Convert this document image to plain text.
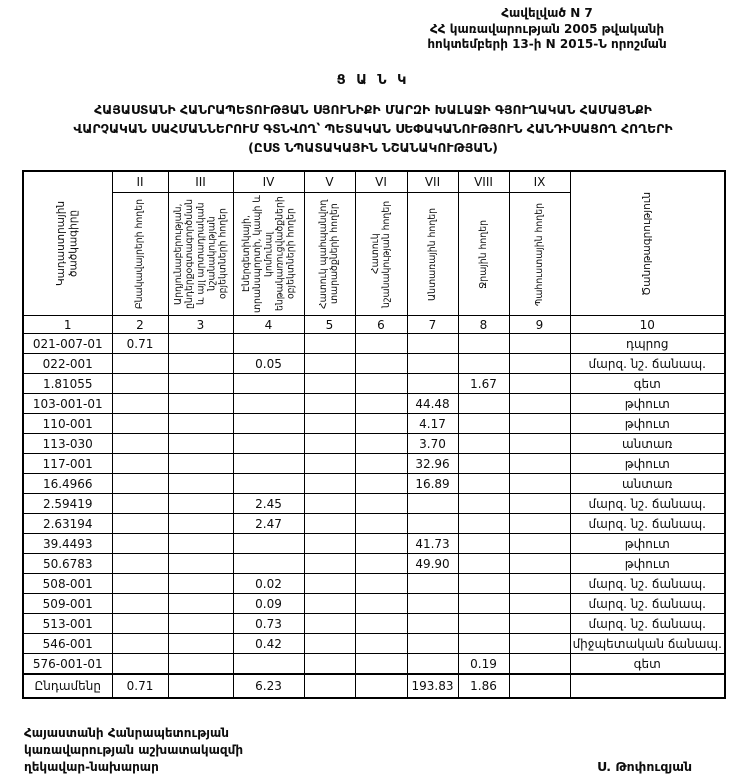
Հավելված N 7
ՀՀ կառավարության 2005 թվականի
հոկտեմբերի 13-ի N 2015-Ն որոշման
Ց Ա Ն Կ
ՀԱՅԱՍՏԱՆԻ ՀԱՆՐԱՊԵՏՈՒԹՅԱՆ ՍՅՈՒՆԻՔԻ ՄԱՐԶԻ ԽԱԼԱՋԻ ԳՅՈՒՂԱԿԱՆ ՀԱՄԱՅՆՔԻ
ՎԱՐՉԱԿԱՆ ՍԱՀՄԱՆՆԵՐՈՒՄ ԳՏՆՎՈՂ՝ ՊԵՏԱԿԱՆ ՍԵՓԱԿԱՆՈՒԹՅՈՒՆ ՀԱՆԴԻՍԱՑՈՂ ՀՈՂԵՐԻ
(ԸՍՏ ՆՊԱՏԱԿԱՅԻՆ ՆՇԱՆԱԿՈՒԹՅԱՆ)
Կադաստրային ծածկագիրը	II	III	IV	V	VI	VII	VIII	IX	Ծանոթագրություն

	Բնակավայրերի հողեր	Արդյունաբերության, ընդերքօգտագործման և այլ արտադրական նշանակության օբյեկտների հողեր	Էներգետիկայի, տրանսպորտի, կապի և կոմունալ ենթակառուցվածքների օբյեկտների հողեր	Հատուկ պահպանվող տարածքների հողեր	Հատուկ նշանակության հողեր	Անտառային հողեր	Ջրային հողեր	Պահուստային հողեր	

1	2	3	4	5	6	7	8	9	10
021-007-01	0.71								դպրոց
022-001			0.05						մարզ. նշ. ճանապ.
1.81055							1.67		գետ
103-001-01						44.48			թփուտ
110-001						4.17			թփուտ
113-030						3.70			անտառ
117-001						32.96			թփուտ
16.4966						16.89			անտառ
2.59419			2.45						մարզ. նշ. ճանապ.
2.63194			2.47						մարզ. նշ. ճանապ.
39.4493						41.73			թփուտ
50.6783						49.90			թփուտ
508-001			0.02						մարզ. նշ. ճանապ.
509-001			0.09						մարզ. նշ. ճանապ.
513-001			0.73						մարզ. նշ. ճանապ.
546-001			0.42						միջպետական ճանապ.
576-001-01							0.19		գետ
Ընդամենը	0.71		6.23			193.83	1.86		
Հայաստանի Հանրապետության
կառավարության աշխատակազմի
ղեկավար-նախարար	Ս. Թոփուզյան
